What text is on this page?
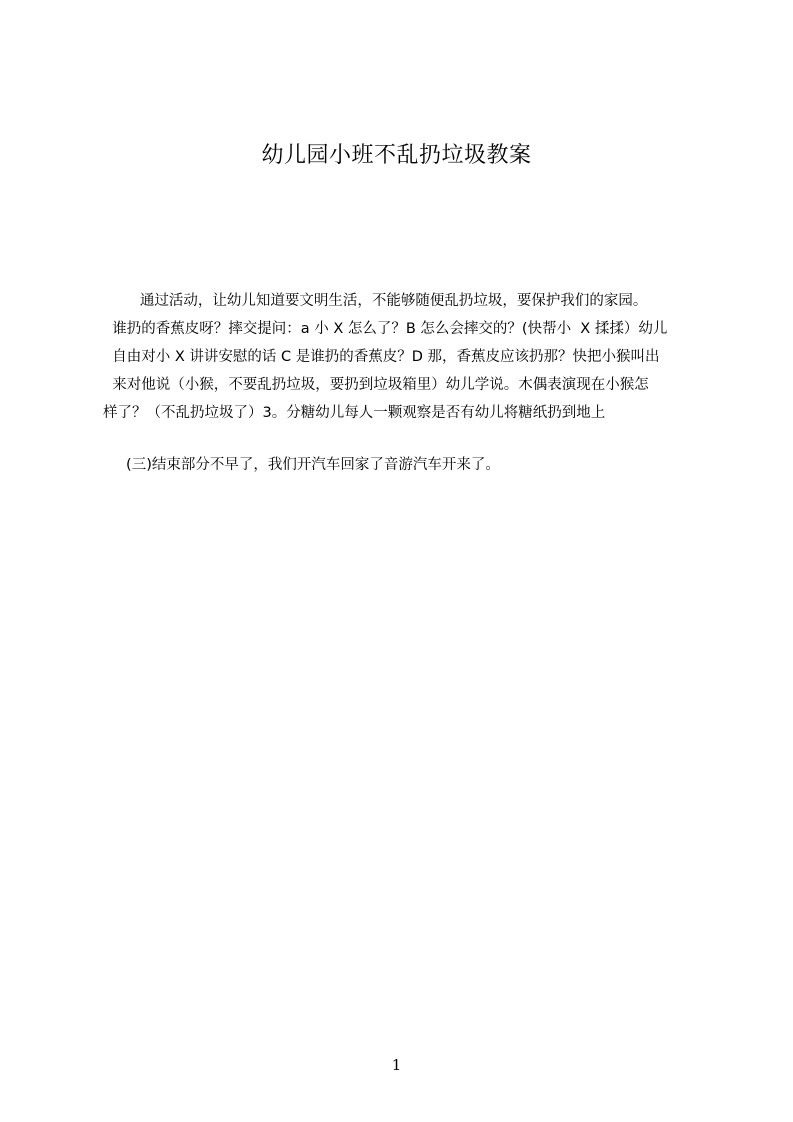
幼儿园小班不乱扔垃圾教案
通过活动，让幼儿知道要文明生活，不能够随便乱扔垃圾，要保护我们的家园。
谁扔的香蕉皮呀？摔交提问：a 小 X 怎么了？B 怎么会摔交的？(快帮小  X 揉揉）幼儿
自由对小 X 讲讲安慰的话 C 是谁扔的香蕉皮？D 那，香蕉皮应该扔那？快把小猴叫出
来对他说（小猴，不要乱扔垃圾，要扔到垃圾箱里）幼儿学说。木偶表演现在小猴怎
样了？（不乱扔垃圾了）3。分糖幼儿每人一颗观察是否有幼儿将糖纸扔到地上
(三)结束部分不早了，我们开汽车回家了音游汽车开来了。
1
